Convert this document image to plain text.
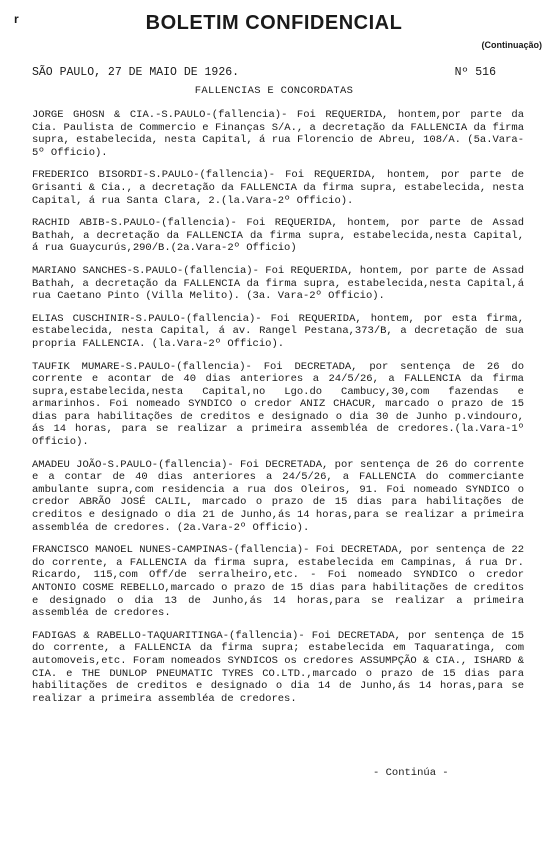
r	BOLETIM CONFIDENCIAL
(Continuação)
SÃO PAULO, 27 DE MAIO DE 1926.	Nº 516
FALLENCIAS E CONCORDATAS

JORGE GHOSN & CIA.-S.PAULO-(fallencia)- Foi REQUERIDA, hontem,por parte da Cia. Paulista de Commercio e Finanças S/A., a decretação da FALLENCIA da firma supra, estabelecida, nesta Capital, á rua Florencio de Abreu, 108/A. (5a.Vara-5º Officio).

FREDERICO BISORDI-S.PAULO-(fallencia)- Foi REQUERIDA, hontem, por parte de Grisanti & Cia., a decretação da FALLENCIA da firma supra, estabelecida, nesta Capital, á rua Santa Clara, 2.(la.Vara-2º Officio).

RACHID ABIB-S.PAULO-(fallencia)- Foi REQUERIDA, hontem, por parte de Assad Bathah, a decretação da FALLENCIA da firma supra, estabelecida,nesta Capital, á rua Guaycurús,290/B.(2a.Vara-2º Officio)

MARIANO SANCHES-S.PAULO-(fallencia)- Foi REQUERIDA, hontem, por parte de Assad Bathah, a decretação da FALLENCIA da firma supra, estabelecida,nesta Capital,á rua Caetano Pinto (Villa Melito). (3a. Vara-2º Officio).

ELIAS CUSCHINIR-S.PAULO-(fallencia)- Foi REQUERIDA, hontem, por esta firma, estabelecida, nesta Capital, á av. Rangel Pestana,373/B, a decretação de sua propria FALLENCIA. (la.Vara-2º Officio).

TAUFIK MUMARE-S.PAULO-(fallencia)- Foi DECRETADA, por sentença de 26 do corrente e acontar de 40 dias anteriores a 24/5/26, a FALLENCIA da firma supra,estabelecida,nesta Capital,no Lgo.do Cambucy,30,com fazendas e armarinhos. Foi nomeado SYNDICO o credor ANIZ CHACUR, marcado o prazo de 15 dias para habilitações de creditos e designado o dia 30 de Junho p.vindouro, ás 14 horas, para se realizar a primeira assembléa de credores.(la.Vara-1º Officio).

AMADEU JOÃO-S.PAULO-(fallencia)- Foi DECRETADA, por sentença de 26 do corrente e a contar de 40 dias anteriores a 24/5/26, a FALLENCIA do commerciante ambulante supra,com residencia a rua dos Oleiros, 91. Foi nomeado SYNDICO o credor ABRÃO JOSÉ CALIL, marcado o prazo de 15 dias para habilitações de creditos e designado o dia 21 de Junho,ás 14 horas,para se realizar a primeira assembléa de credores. (2a.Vara-2º Officio).

FRANCISCO MANOEL NUNES-CAMPINAS-(fallencia)- Foi DECRETADA, por sentença de 22 do corrente, a FALLENCIA da firma supra, estabelecida em Campinas, á rua Dr. Ricardo, 115,com Off/de serralheiro,etc. - Foi nomeado SYNDICO o credor ANTONIO COSME REBELLO,marcado o prazo de 15 dias para habilitações de creditos e designado o dia 13 de Junho,ás 14 horas,para se realizar a primeira assembléa de credores.

FADIGAS & RABELLO-TAQUARITINGA-(fallencia)- Foi DECRETADA, por sentença de 15 do corrente, a FALLENCIA da firma supra; estabelecida em Taquaratinga, com automoveis,etc. Foram nomeados SYNDICOS os credores ASSUMPÇÃO & CIA., ISHARD & CIA. e THE DUNLOP PNEUMATIC TYRES CO.LTD.,marcado o prazo de 15 dias para habilitações de creditos e designado o dia 14 de Junho,ás 14 horas,para se realizar a primeira assembléa de credores.

- Continúa -
